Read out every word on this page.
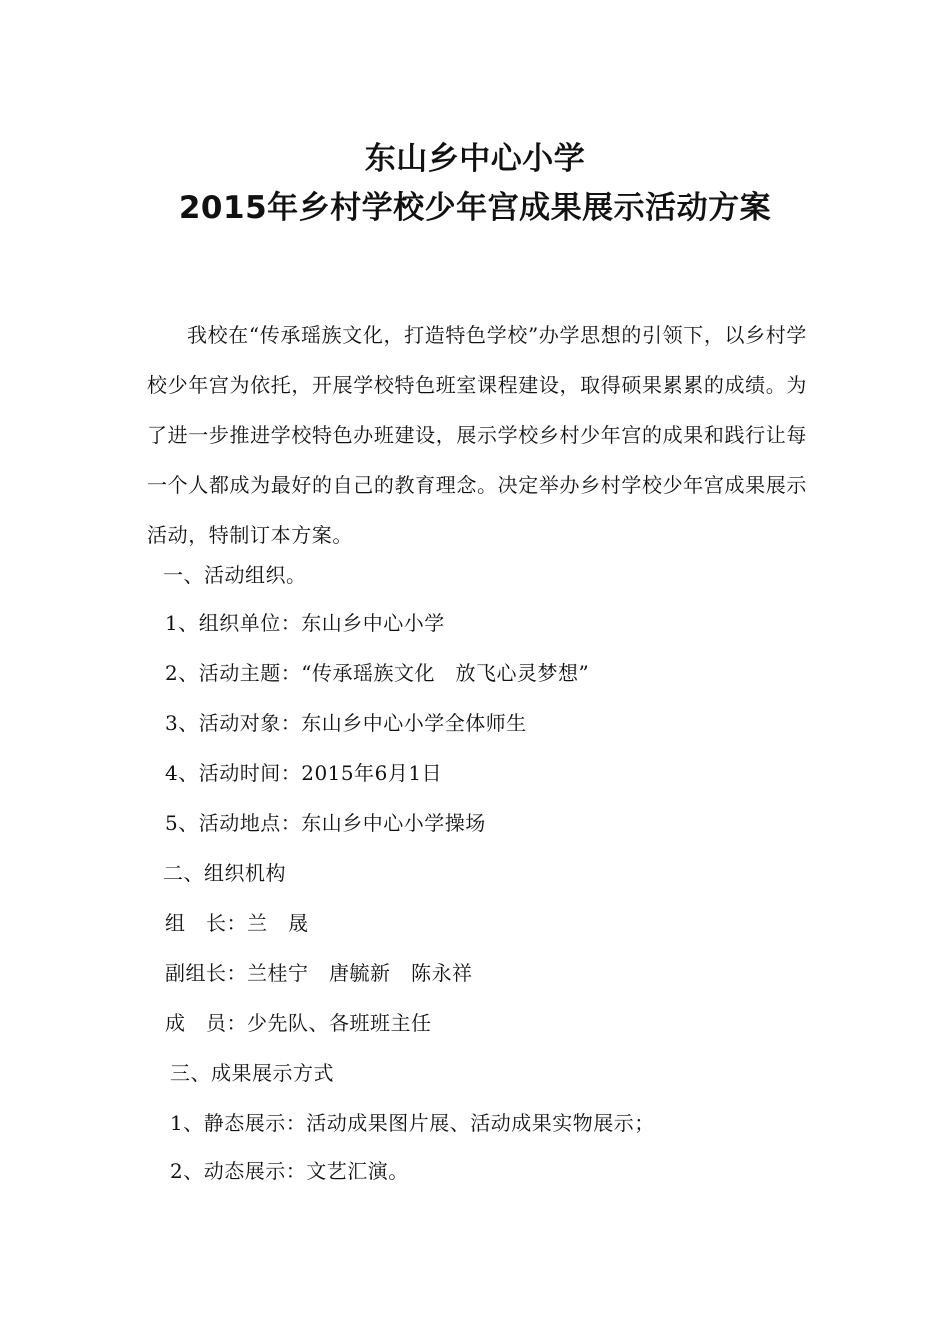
东山乡中心小学
2015年乡村学校少年宫成果展示活动方案

我校在“传承瑶族文化，打造特色学校”办学思想的引领下，以乡村学校少年宫为依托，开展学校特色班室课程建设，取得硕果累累的成绩。为了进一步推进学校特色办班建设，展示学校乡村少年宫的成果和践行让每一个人都成为最好的自己的教育理念。决定举办乡村学校少年宫成果展示活动，特制订本方案。

一、活动组织。

1、组织单位：东山乡中心小学

2、活动主题：“传承瑶族文化　放飞心灵梦想”

3、活动对象：东山乡中心小学全体师生

4、活动时间：2015年6月1日

5、活动地点：东山乡中心小学操场

二、组织机构

组　长：兰　晟

副组长：兰桂宁　唐毓新　陈永祥

成　员：少先队、各班班主任

三、成果展示方式

1、静态展示：活动成果图片展、活动成果实物展示；

2、动态展示：文艺汇演。
